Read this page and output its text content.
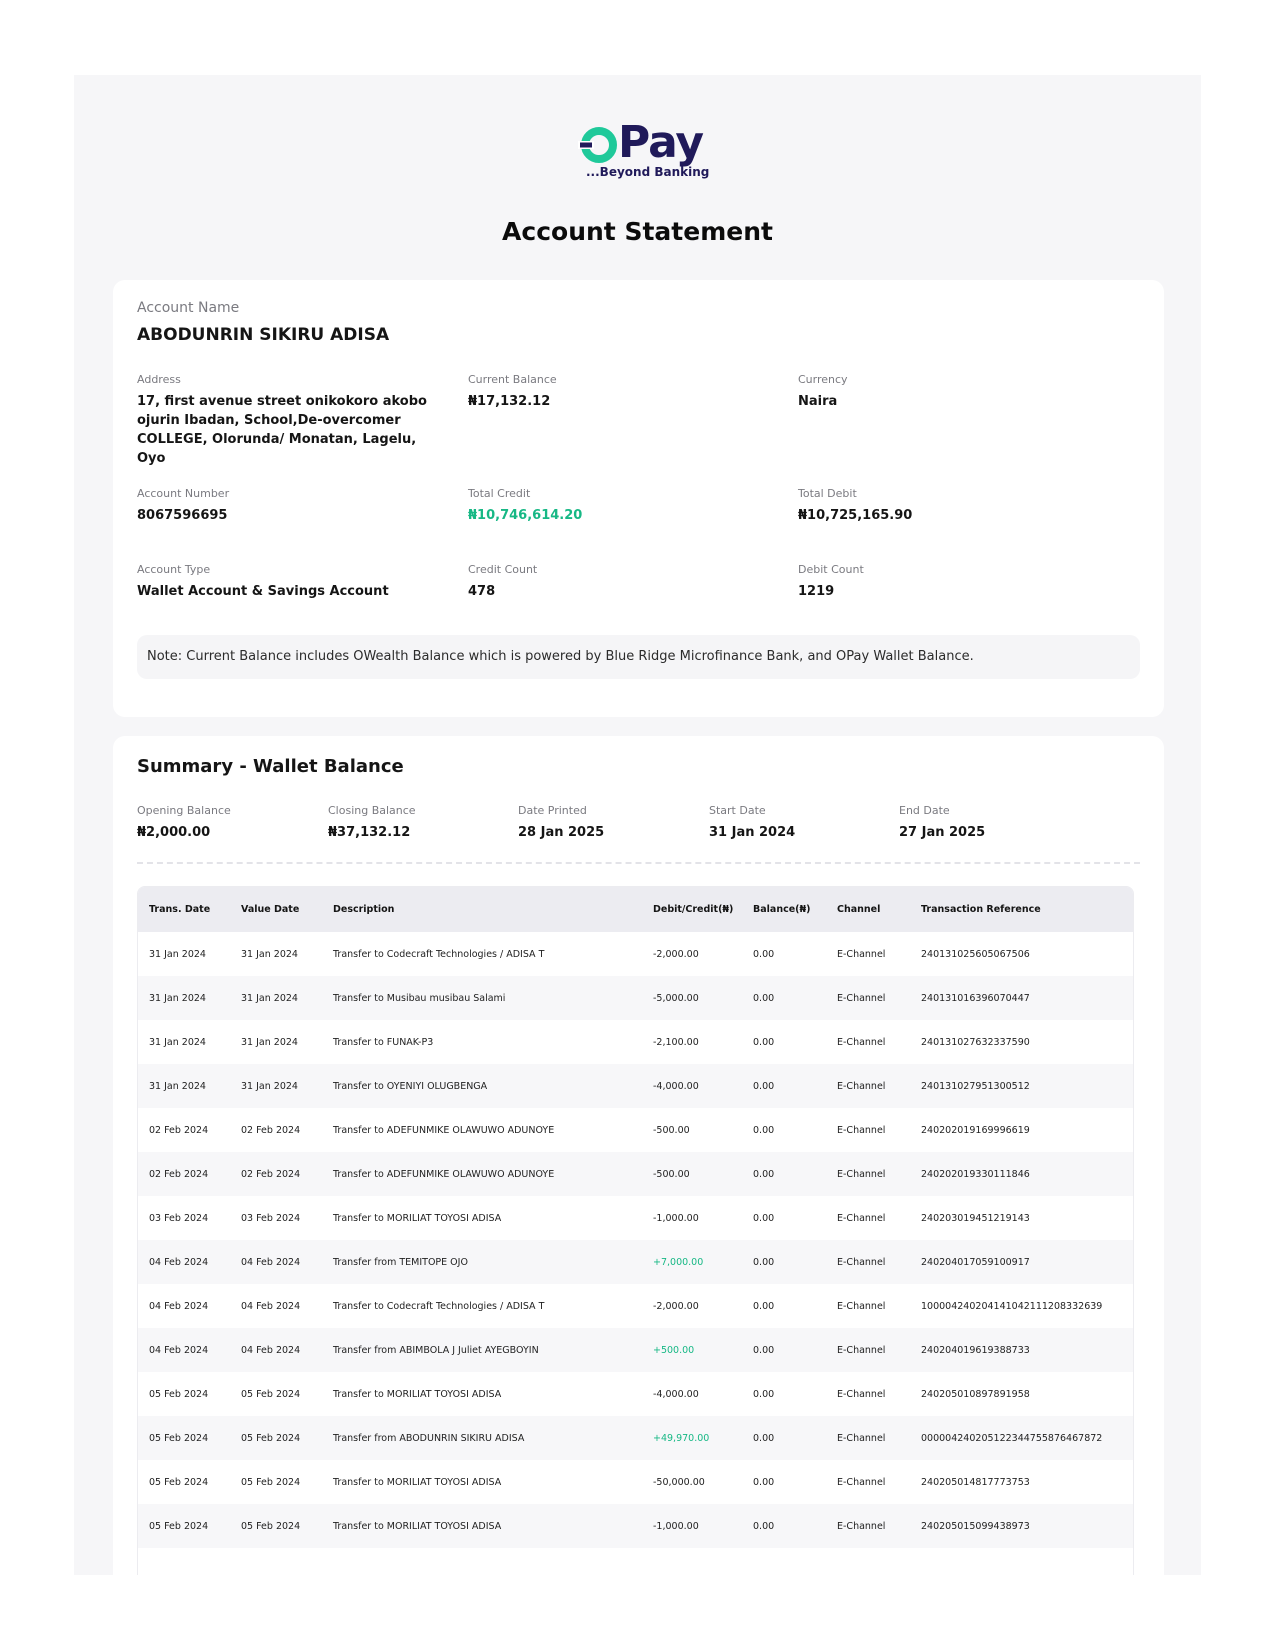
Pay
...Beyond Banking
Account Statement
Account Name
ABODUNRIN SIKIRU ADISA
Address
17, first avenue street onikokoro akobo ojurin Ibadan, School,De-overcomer COLLEGE, Olorunda/ Monatan, Lagelu, Oyo
Current Balance
₦17,132.12
Currency
Naira
Account Number
8067596695
Total Credit
₦10,746,614.20
Total Debit
₦10,725,165.90
Account Type
Wallet Account & Savings Account
Credit Count
478
Debit Count
1219
Note: Current Balance includes OWealth Balance which is powered by Blue Ridge Microfinance Bank, and OPay Wallet Balance.
Summary - Wallet Balance
Opening Balance
₦2,000.00
Closing Balance
₦37,132.12
Date Printed
28 Jan 2025
Start Date
31 Jan 2024
End Date
27 Jan 2025
Trans. Date	Value Date	Description	Debit/Credit(₦)	Balance(₦)	Channel	Transaction Reference
31 Jan 2024	31 Jan 2024	Transfer to Codecraft Technologies / ADISA T	-2,000.00	0.00	E-Channel	240131025605067506
31 Jan 2024	31 Jan 2024	Transfer to Musibau musibau Salami	-5,000.00	0.00	E-Channel	240131016396070447
31 Jan 2024	31 Jan 2024	Transfer to FUNAK-P3	-2,100.00	0.00	E-Channel	240131027632337590
31 Jan 2024	31 Jan 2024	Transfer to OYENIYI OLUGBENGA	-4,000.00	0.00	E-Channel	240131027951300512
02 Feb 2024	02 Feb 2024	Transfer to ADEFUNMIKE OLAWUWO ADUNOYE	-500.00	0.00	E-Channel	240202019169996619
02 Feb 2024	02 Feb 2024	Transfer to ADEFUNMIKE OLAWUWO ADUNOYE	-500.00	0.00	E-Channel	240202019330111846
03 Feb 2024	03 Feb 2024	Transfer to MORILIAT TOYOSI ADISA	-1,000.00	0.00	E-Channel	240203019451219143
04 Feb 2024	04 Feb 2024	Transfer from TEMITOPE OJO	+7,000.00	0.00	E-Channel	240204017059100917
04 Feb 2024	04 Feb 2024	Transfer to Codecraft Technologies / ADISA T	-2,000.00	0.00	E-Channel	100004240204141042111208332639
04 Feb 2024	04 Feb 2024	Transfer from ABIMBOLA J Juliet AYEGBOYIN	+500.00	0.00	E-Channel	240204019619388733
05 Feb 2024	05 Feb 2024	Transfer to MORILIAT TOYOSI ADISA	-4,000.00	0.00	E-Channel	240205010897891958
05 Feb 2024	05 Feb 2024	Transfer from ABODUNRIN SIKIRU ADISA	+49,970.00	0.00	E-Channel	000004240205122344755876467872
05 Feb 2024	05 Feb 2024	Transfer to MORILIAT TOYOSI ADISA	-50,000.00	0.00	E-Channel	240205014817773753
05 Feb 2024	05 Feb 2024	Transfer to MORILIAT TOYOSI ADISA	-1,000.00	0.00	E-Channel	240205015099438973
